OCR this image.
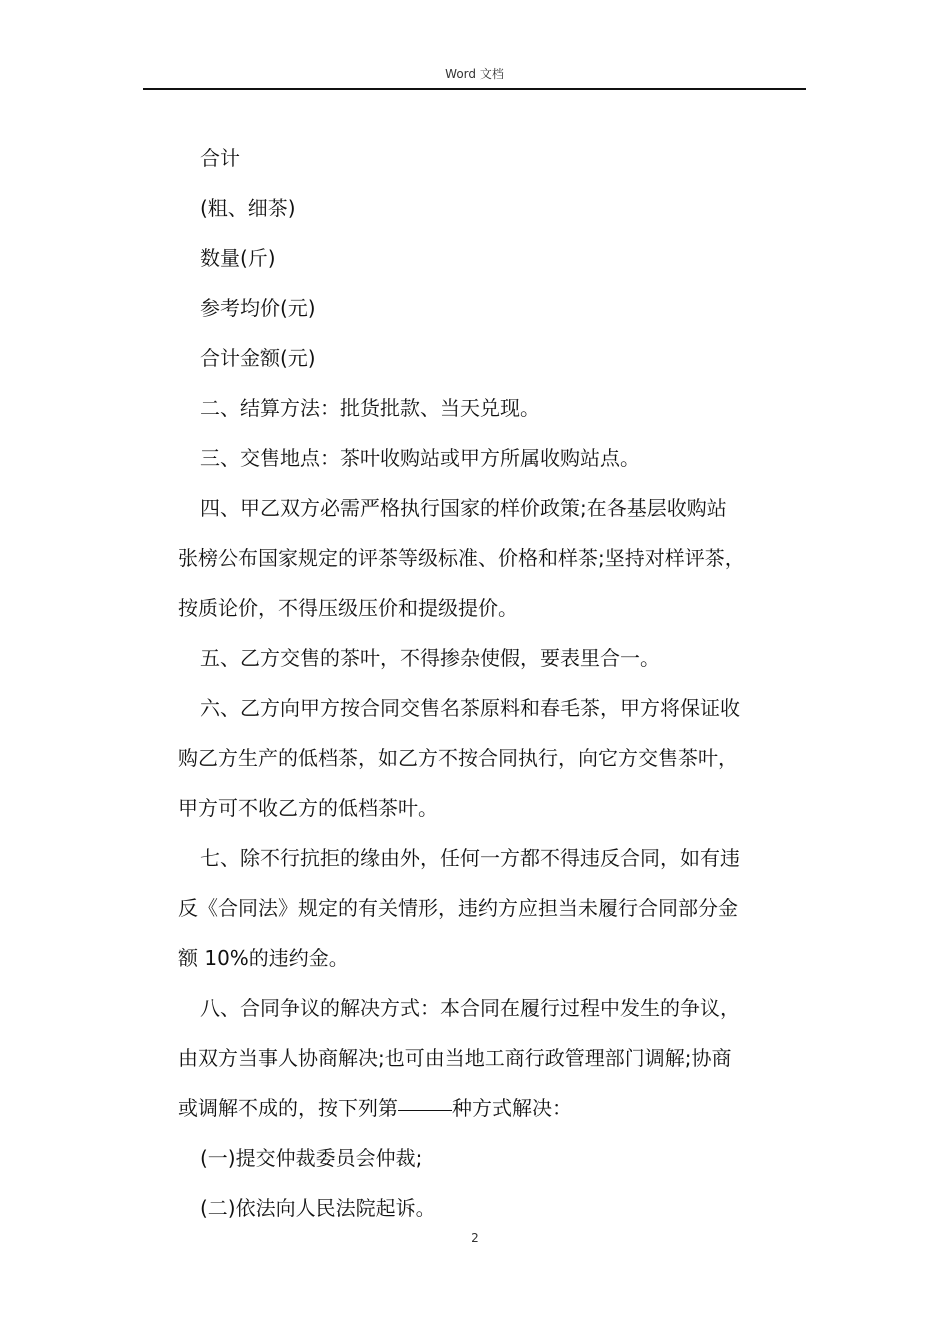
Word 文档

合计

(粗、细茶)

数量(斤)

参考均价(元)

合计金额(元)

二、结算方法：批货批款、当天兑现。

三、交售地点：茶叶收购站或甲方所属收购站点。

四、甲乙双方必需严格执行国家的样价政策;在各基层收购站

张榜公布国家规定的评茶等级标准、价格和样茶;坚持对样评茶，

按质论价，不得压级压价和提级提价。

五、乙方交售的茶叶，不得掺杂使假，要表里合一。

六、乙方向甲方按合同交售名茶原料和春毛茶，甲方将保证收

购乙方生产的低档茶，如乙方不按合同执行，向它方交售茶叶，

甲方可不收乙方的低档茶叶。

七、除不行抗拒的缘由外，任何一方都不得违反合同，如有违

反《合同法》规定的有关情形，违约方应担当未履行合同部分金

额 10%的违约金。

八、合同争议的解决方式：本合同在履行过程中发生的争议，

由双方当事人协商解决;也可由当地工商行政管理部门调解;协商

或调解不成的，按下列第	种方式解决：

(一)提交仲裁委员会仲裁;

(二)依法向人民法院起诉。

2
